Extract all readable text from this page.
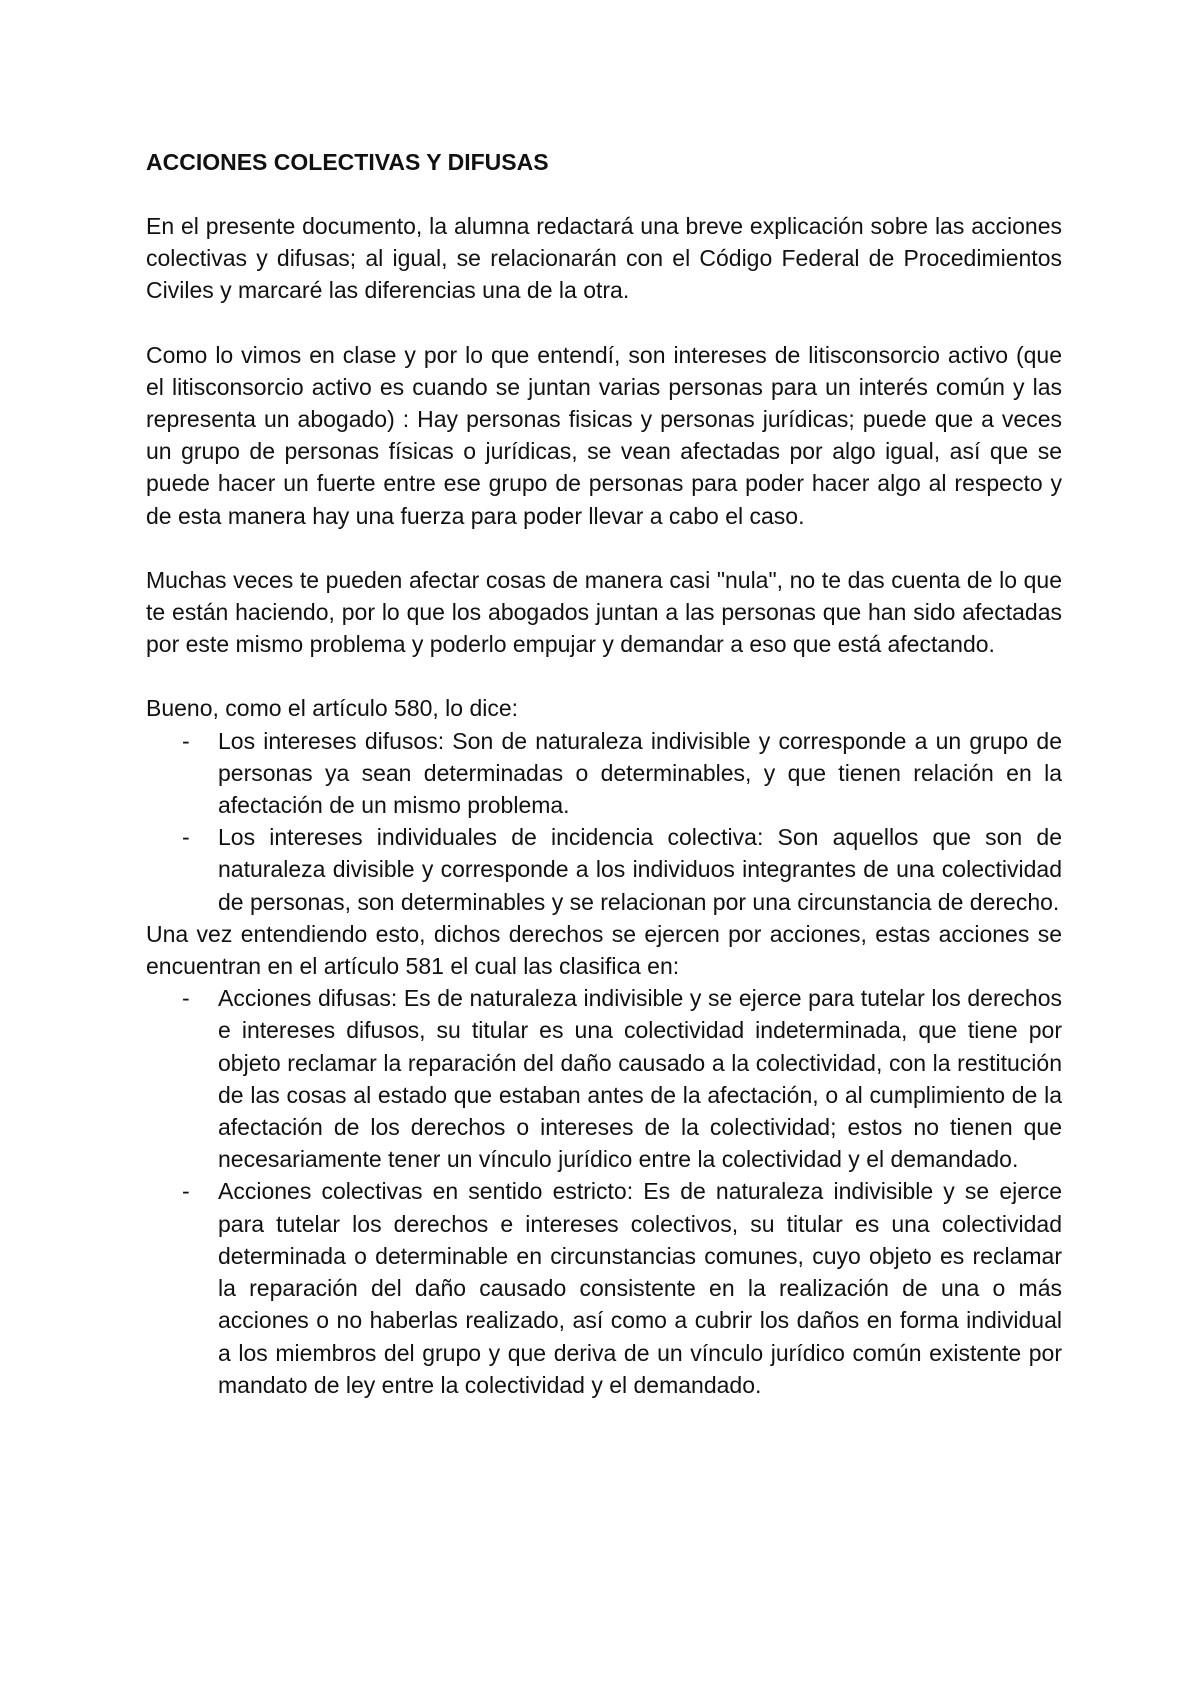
ACCIONES COLECTIVAS Y DIFUSAS

En el presente documento, la alumna redactará una breve explicación sobre las acciones colectivas y difusas; al igual, se relacionarán con el Código Federal de Procedimientos Civiles y marcaré las diferencias una de la otra.

Como lo vimos en clase y por lo que entendí, son intereses de litisconsorcio activo (que el litisconsorcio activo es cuando se juntan varias personas para un interés común y las representa un abogado) : Hay personas fisicas y personas jurídicas; puede que a veces un grupo de personas físicas o jurídicas, se vean afectadas por algo igual, así que se puede hacer un fuerte entre ese grupo de personas para poder hacer algo al respecto y de esta manera hay una fuerza para poder llevar a cabo el caso.

Muchas veces te pueden afectar cosas de manera casi "nula", no te das cuenta de lo que te están haciendo, por lo que los abogados juntan a las personas que han sido afectadas por este mismo problema y poderlo empujar y demandar a eso que está afectando.

Bueno, como el artículo 580, lo dice:

- Los intereses difusos: Son de naturaleza indivisible y corresponde a un grupo de personas ya sean determinadas o determinables, y que tienen relación en la afectación de un mismo problema.
- Los intereses individuales de incidencia colectiva: Son aquellos que son de naturaleza divisible y corresponde a los individuos integrantes de una colectividad de personas, son determinables y se relacionan por una circunstancia de derecho.

Una vez entendiendo esto, dichos derechos se ejercen por acciones, estas acciones se encuentran en el artículo 581 el cual las clasifica en:

- Acciones difusas: Es de naturaleza indivisible y se ejerce para tutelar los derechos e intereses difusos, su titular es una colectividad indeterminada, que tiene por objeto reclamar la reparación del daño causado a la colectividad, con la restitución de las cosas al estado que estaban antes de la afectación, o al cumplimiento de la afectación de los derechos o intereses de la colectividad; estos no tienen que necesariamente tener un vínculo jurídico entre la colectividad y el demandado.
- Acciones colectivas en sentido estricto: Es de naturaleza indivisible y se ejerce para tutelar los derechos e intereses colectivos, su titular es una colectividad determinada o determinable en circunstancias comunes, cuyo objeto es reclamar la reparación del daño causado consistente en la realización de una o más acciones o no haberlas realizado, así como a cubrir los daños en forma individual a los miembros del grupo y que deriva de un vínculo jurídico común existente por mandato de ley entre la colectividad y el demandado.
